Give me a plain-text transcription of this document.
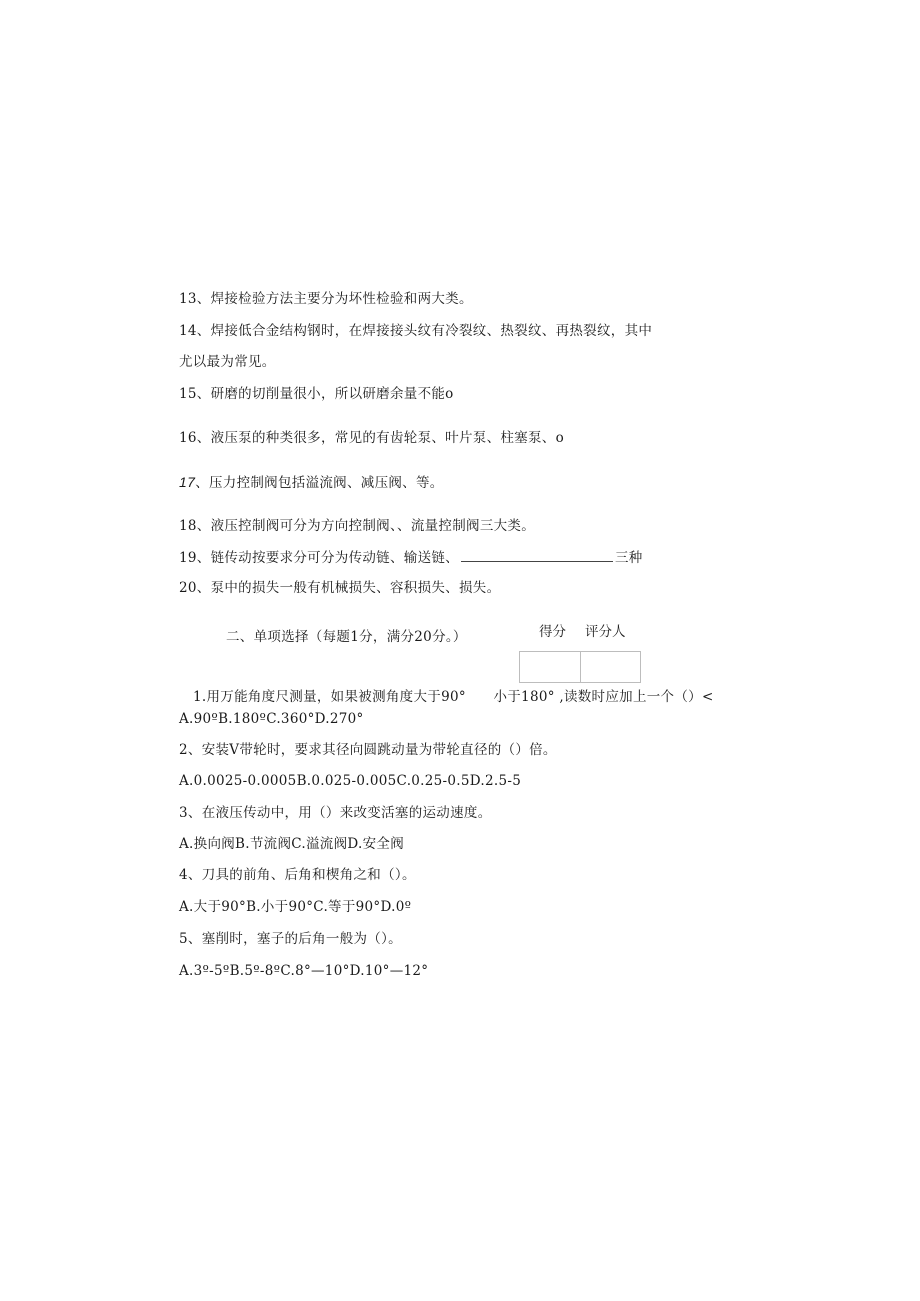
13、焊接检验方法主要分为坏性检验和两大类。
14、焊接低合金结构钢时，在焊接接头纹有冷裂纹、热裂纹、再热裂纹，其中
尤以最为常见。
15、研磨的切削量很小，所以研磨余量不能o
16、液压泵的种类很多，常见的有齿轮泵、叶片泵、柱塞泵、o
17、压力控制阀包括溢流阀、减压阀、等。
18、液压控制阀可分为方向控制阀、、流量控制阀三大类。
19、链传动按要求分可分为传动链、输送链、	三种
20、泵中的损失一般有机械损失、容积损失、损失。
二、单项选择（每题1分，满分20分。）	得分 评分人
1.用万能角度尺测量，如果被测角度大于90°      小于180° ,读数时应加上一个（）<
A.90ºB.180ºC.360°D.270°
2、安装V带轮时，要求其径向圆跳动量为带轮直径的（）倍。
A.0.0025-0.0005B.0.025-0.005C.0.25-0.5D.2.5-5
3、在液压传动中，用（）来改变活塞的运动速度。
A.换向阀B.节流阀C.溢流阀D.安全阀
4、刀具的前角、后角和楔角之和（）。
A.大于90°B.小于90°C.等于90°D.0º
5、塞削时，塞子的后角一般为（）。
A.3º-5ºB.5º-8ºC.8°—10°D.10°—12°
